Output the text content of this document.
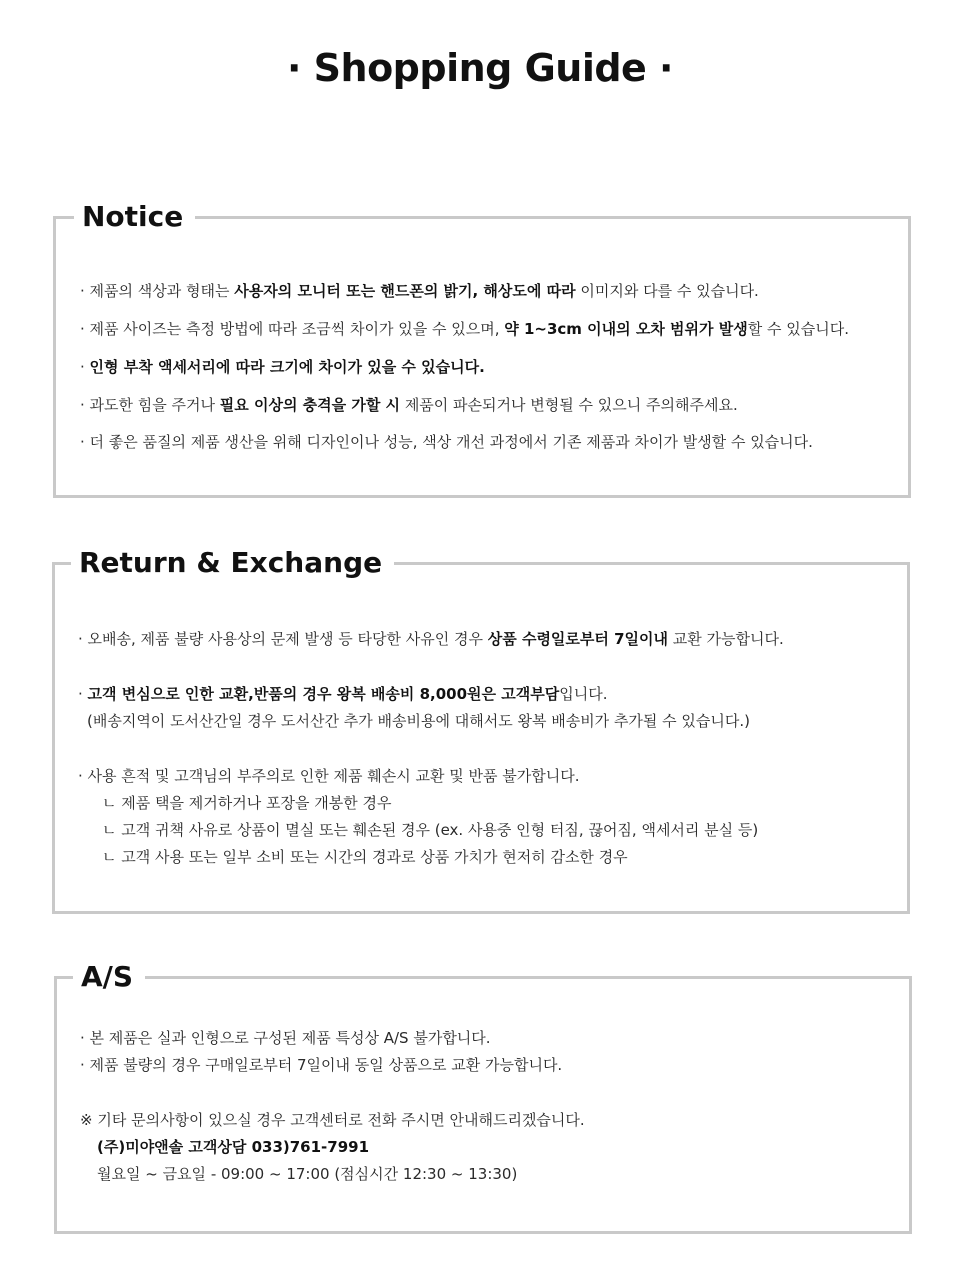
· Shopping Guide ·
Notice
· 제품의 색상과 형태는 사용자의 모니터 또는 핸드폰의 밝기, 해상도에 따라 이미지와 다를 수 있습니다.
· 제품 사이즈는 측정 방법에 따라 조금씩 차이가 있을 수 있으며, 약 1~3cm 이내의 오차 범위가 발생할 수 있습니다.
· 인형 부착 액세서리에 따라 크기에 차이가 있을 수 있습니다.
· 과도한 힘을 주거나 필요 이상의 충격을 가할 시 제품이 파손되거나 변형될 수 있으니 주의해주세요.
· 더 좋은 품질의 제품 생산을 위해 디자인이나 성능, 색상 개선 과정에서 기존 제품과 차이가 발생할 수 있습니다.
Return & Exchange
· 오배송, 제품 불량 사용상의 문제 발생 등 타당한 사유인 경우 상품 수령일로부터 7일이내 교환 가능합니다.
· 고객 변심으로 인한 교환,반품의 경우 왕복 배송비 8,000원은 고객부담입니다.
(배송지역이 도서산간일 경우 도서산간 추가 배송비용에 대해서도 왕복 배송비가 추가될 수 있습니다.)
· 사용 흔적 및 고객님의 부주의로 인한 제품 훼손시 교환 및 반품 불가합니다.
ㄴ 제품 택을 제거하거나 포장을 개봉한 경우
ㄴ 고객 귀책 사유로 상품이 멸실 또는 훼손된 경우 (ex. 사용중 인형 터짐, 끊어짐, 액세서리 분실 등)
ㄴ 고객 사용 또는 일부 소비 또는 시간의 경과로 상품 가치가 현저히 감소한 경우
A/S
· 본 제품은 실과 인형으로 구성된 제품 특성상 A/S 불가합니다.
· 제품 불량의 경우 구매일로부터 7일이내 동일 상품으로 교환 가능합니다.
※ 기타 문의사항이 있으실 경우 고객센터로 전화 주시면 안내해드리겠습니다.
(주)미야앤솔 고객상담 033)761-7991
월요일 ~ 금요일 - 09:00 ~ 17:00 (점심시간 12:30 ~ 13:30)
